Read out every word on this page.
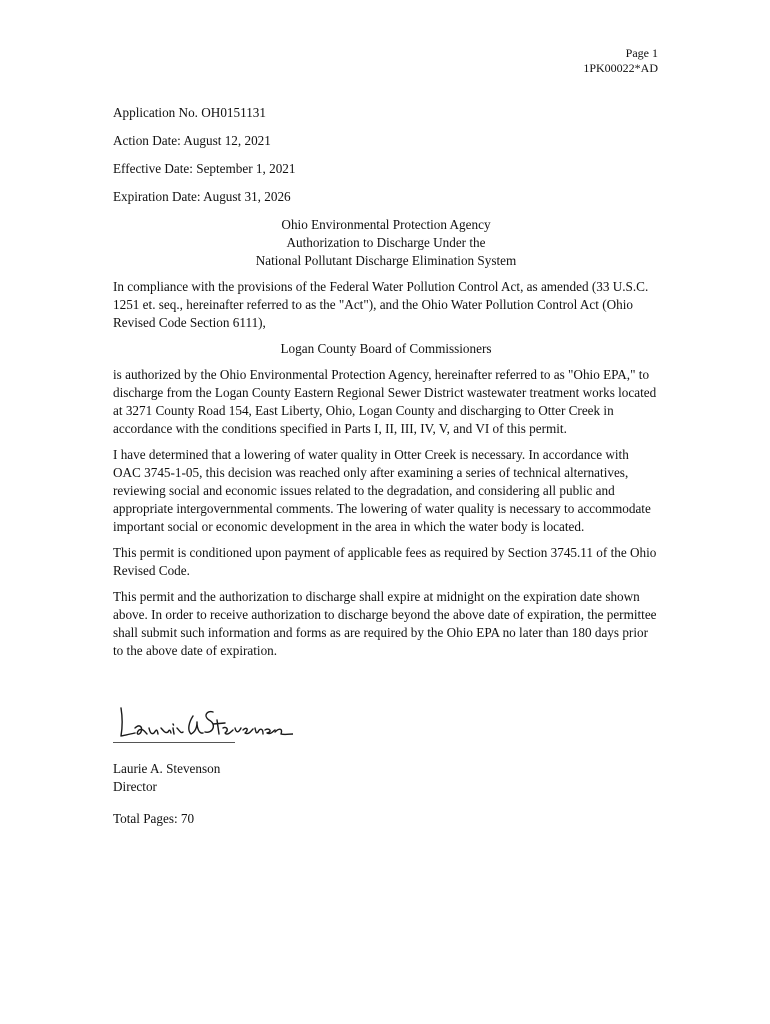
Page 1
1PK00022*AD
Application No. OH0151131
Action Date: August 12, 2021
Effective Date: September 1, 2021
Expiration Date: August 31, 2026
Ohio Environmental Protection Agency
Authorization to Discharge Under the
National Pollutant Discharge Elimination System

In compliance with the provisions of the Federal Water Pollution Control Act, as amended (33 U.S.C. 1251 et. seq., hereinafter referred to as the "Act"), and the Ohio Water Pollution Control Act (Ohio Revised Code Section 6111),

Logan County Board of Commissioners

is authorized by the Ohio Environmental Protection Agency, hereinafter referred to as "Ohio EPA," to discharge from the Logan County Eastern Regional Sewer District wastewater treatment works located at 3271 County Road 154, East Liberty, Ohio, Logan County and discharging to Otter Creek in accordance with the conditions specified in Parts I, II, III, IV, V, and VI of this permit.

I have determined that a lowering of water quality in Otter Creek is necessary. In accordance with OAC 3745-1-05, this decision was reached only after examining a series of technical alternatives, reviewing social and economic issues related to the degradation, and considering all public and appropriate intergovernmental comments. The lowering of water quality is necessary to accommodate important social or economic development in the area in which the water body is located.

This permit is conditioned upon payment of applicable fees as required by Section 3745.11 of the Ohio Revised Code.

This permit and the authorization to discharge shall expire at midnight on the expiration date shown above. In order to receive authorization to discharge beyond the above date of expiration, the permittee shall submit such information and forms as are required by the Ohio EPA no later than 180 days prior to the above date of expiration.

Laurie A. Stevenson
Director
Total Pages: 70
